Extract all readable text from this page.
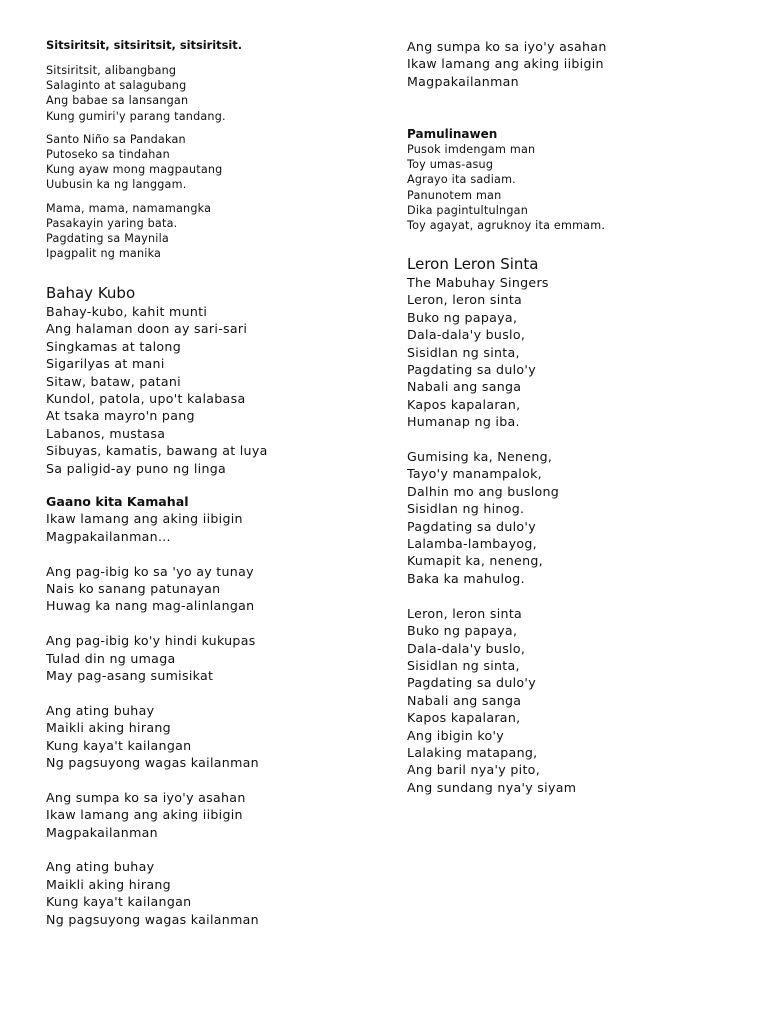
Sitsiritsit, sitsiritsit, sitsiritsit.
Sitsiritsit, alibangbang
Salaginto at salagubang
Ang babae sa lansangan
Kung gumiri'y parang tandang.
Santo Niño sa Pandakan
Putoseko sa tindahan
Kung ayaw mong magpautang
Uubusin ka ng langgam.
Mama, mama, namamangka
Pasakayin yaring bata.
Pagdating sa Maynila
Ipagpalit ng manika
Bahay Kubo
Bahay-kubo, kahit munti
Ang halaman doon ay sari-sari
Singkamas at talong
Sigarilyas at mani
Sitaw, bataw, patani
Kundol, patola, upo't kalabasa
At tsaka mayro'n pang
Labanos, mustasa
Sibuyas, kamatis, bawang at luya
Sa paligid-ay puno ng linga
Gaano kita Kamahal
Ikaw lamang ang aking iibigin
Magpakailanman...
Ang pag-ibig ko sa 'yo ay tunay
Nais ko sanang patunayan
Huwag ka nang mag-alinlangan
Ang pag-ibig ko'y hindi kukupas
Tulad din ng umaga
May pag-asang sumisikat
Ang ating buhay
Maikli aking hirang
Kung kaya't kailangan
Ng pagsuyong wagas kailanman
Ang sumpa ko sa iyo'y asahan
Ikaw lamang ang aking iibigin
Magpakailanman
Ang ating buhay
Maikli aking hirang
Kung kaya't kailangan
Ng pagsuyong wagas kailanman
Ang sumpa ko sa iyo'y asahan
Ikaw lamang ang aking iibigin
Magpakailanman
Pamulinawen
Pusok imdengam man
Toy umas-asug
Agrayo ita sadiam.
Panunotem man
Dika pagintultulngan
Toy agayat, agruknoy ita emmam.
Leron Leron Sinta
The Mabuhay Singers
Leron, leron sinta
Buko ng papaya,
Dala-dala'y buslo,
Sisidlan ng sinta,
Pagdating sa dulo'y
Nabali ang sanga
Kapos kapalaran,
Humanap ng iba.
Gumising ka, Neneng,
Tayo'y manampalok,
Dalhin mo ang buslong
Sisidlan ng hinog.
Pagdating sa dulo'y
Lalamba-lambayog,
Kumapit ka, neneng,
Baka ka mahulog.
Leron, leron sinta
Buko ng papaya,
Dala-dala'y buslo,
Sisidlan ng sinta,
Pagdating sa dulo'y
Nabali ang sanga
Kapos kapalaran,
Ang ibigin ko'y
Lalaking matapang,
Ang baril nya'y pito,
Ang sundang nya'y siyam
